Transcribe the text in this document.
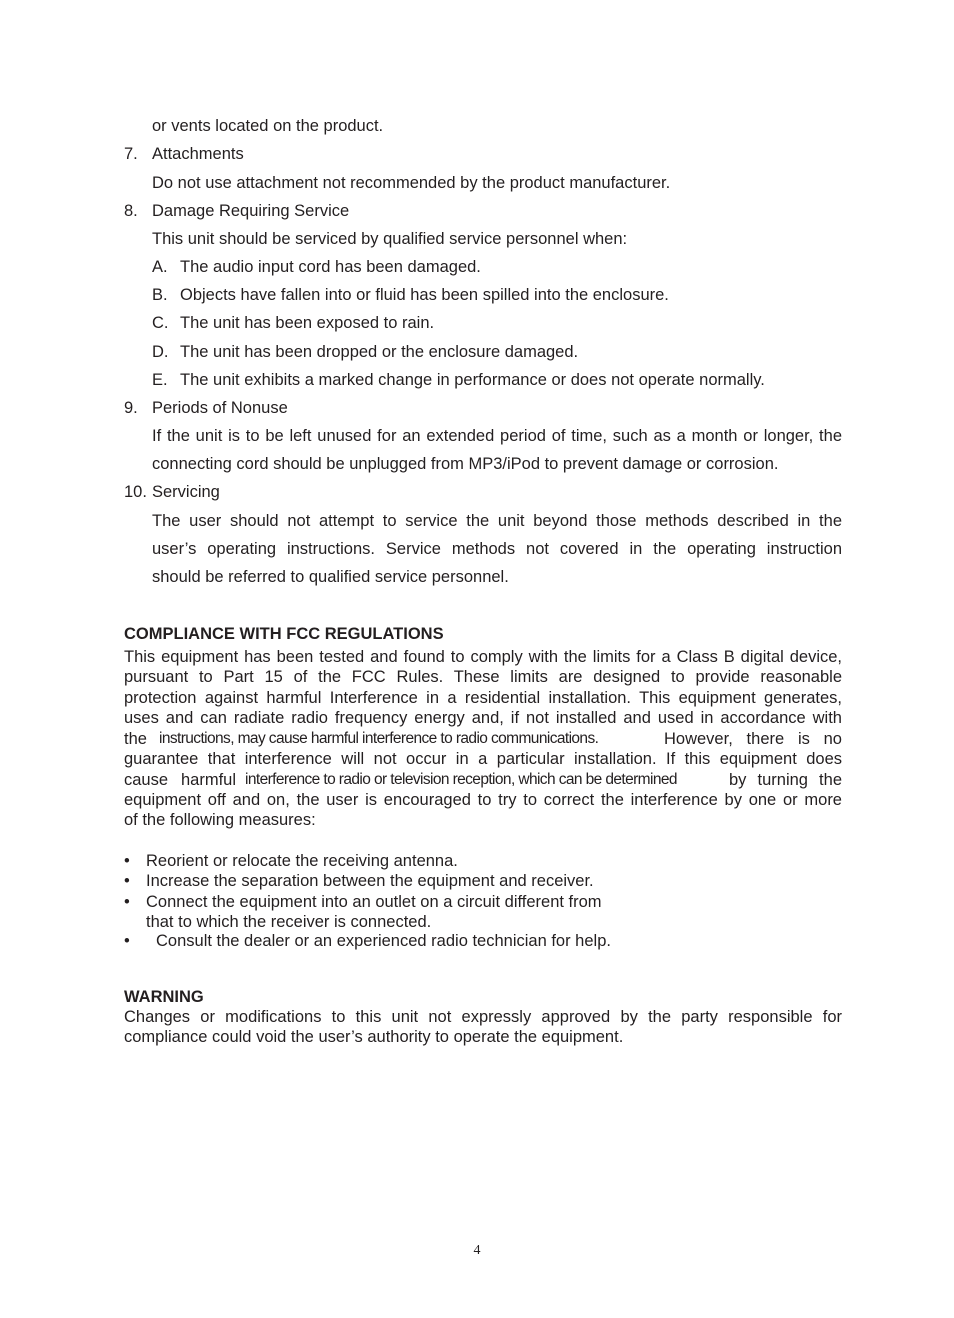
or vents located on the product.
7. Attachments
Do not use attachment not recommended by the product manufacturer.
8. Damage Requiring Service
This unit should be serviced by qualified service personnel when:
A. The audio input cord has been damaged.
B. Objects have fallen into or fluid has been spilled into the enclosure.
C. The unit has been exposed to rain.
D. The unit has been dropped or the enclosure damaged.
E. The unit exhibits a marked change in performance or does not operate normally.
9. Periods of Nonuse
If the unit is to be left unused for an extended period of time, such as a month or longer, the
connecting cord should be unplugged from MP3/iPod to prevent damage or corrosion.
10. Servicing
The user should not attempt to service the unit beyond those methods described in the
user’s operating instructions. Service methods not covered in the operating instruction
should be referred to qualified service personnel.
COMPLIANCE WITH FCC REGULATIONS
This equipment has been tested and found to comply with the limits for a Class B digital device,
pursuant to Part 15 of the FCC Rules. These limits are designed to provide reasonable
protection against harmful Interference in a residential installation. This equipment generates,
uses and can radiate radio frequency energy and, if not installed and used in accordance with
the instructions, may cause harmful interference to radio communications.	However, there is no
guarantee that interference will not occur in a particular installation. If this equipment does
cause harmful interference to radio or television reception, which can be determined	by turning the
equipment off and on, the user is encouraged to try to correct the interference by one or more
of the following measures:
• Reorient or relocate the receiving antenna.
• Increase the separation between the equipment and receiver.
• Connect the equipment into an outlet on a circuit different from
that to which the receiver is connected.
• Consult the dealer or an experienced radio technician for help.
WARNING
Changes or modifications to this unit not expressly approved by the party responsible for
compliance could void the user’s authority to operate the equipment.
4
